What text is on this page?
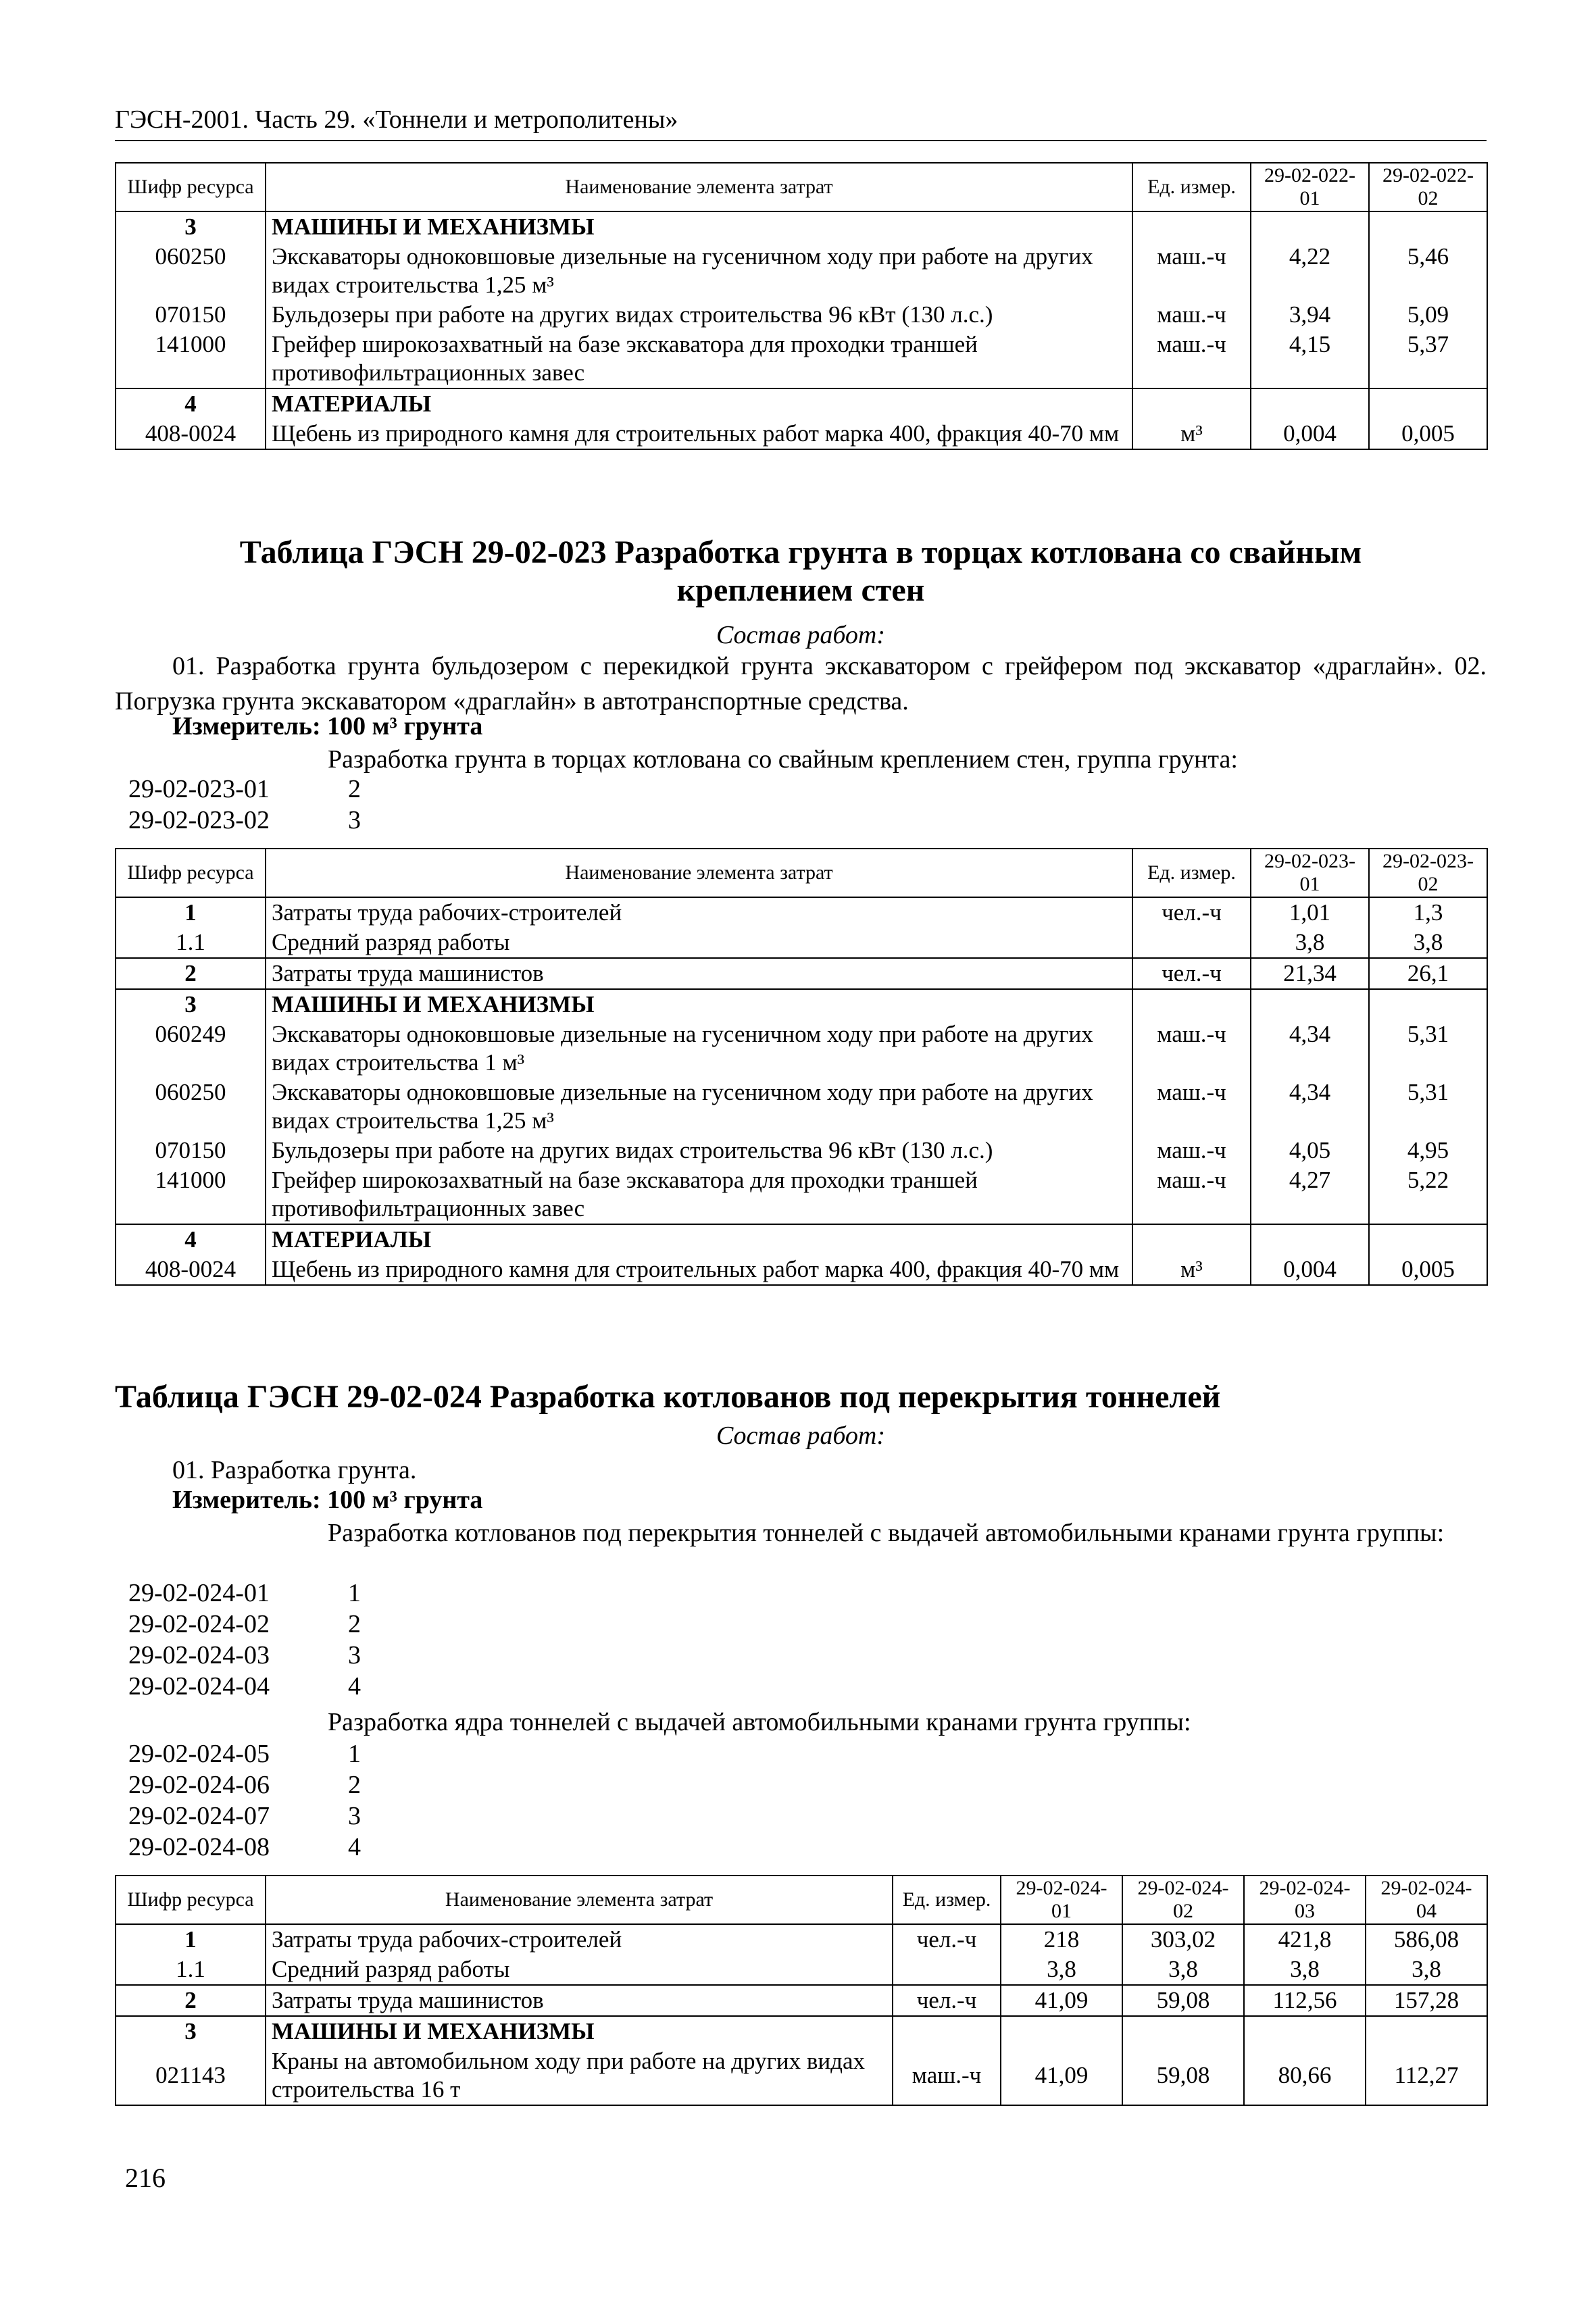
ГЭСН-2001. Часть 29. «Тоннели и метрополитены»
Шифр ресурса	Наименование элемента затрат	Ед. измер.	29-02-022-01	29-02-022-02
3	МАШИНЫ И МЕХАНИЗМЫ			
060250	Экскаваторы одноковшовые дизельные на гусеничном ходу при работе на других видах строительства 1,25 м³	маш.-ч	4,22	5,46
070150	Бульдозеры при работе на других видах строительства 96 кВт (130 л.с.)	маш.-ч	3,94	5,09
141000	Грейфер широкозахватный на базе экскаватора для проходки траншей противофильтрационных завес	маш.-ч	4,15	5,37
4	МАТЕРИАЛЫ			
408-0024	Щебень из природного камня для строительных работ марка 400, фракция 40-70 мм	м³	0,004	0,005
Таблица ГЭСН 29-02-023 Разработка грунта в торцах котлована со свайным
креплением стен
Состав работ:
01. Разработка грунта бульдозером с перекидкой грунта экскаватором с грейфером под экскаватор «драглайн». 02. Погрузка грунта экскаватором «драглайн» в автотранспортные средства.
Измеритель: 100 м³ грунта
Разработка грунта в торцах котлована со свайным креплением стен, группа грунта:
29-02-023-01	2
29-02-023-02	3
Шифр ресурса	Наименование элемента затрат	Ед. измер.	29-02-023-01	29-02-023-02
1	Затраты труда рабочих-строителей	чел.-ч	1,01	1,3
1.1	Средний разряд работы		3,8	3,8
2	Затраты труда машинистов	чел.-ч	21,34	26,1
3	МАШИНЫ И МЕХАНИЗМЫ			
060249	Экскаваторы одноковшовые дизельные на гусеничном ходу при работе на других видах строительства 1 м³	маш.-ч	4,34	5,31
060250	Экскаваторы одноковшовые дизельные на гусеничном ходу при работе на других видах строительства 1,25 м³	маш.-ч	4,34	5,31
070150	Бульдозеры при работе на других видах строительства 96 кВт (130 л.с.)	маш.-ч	4,05	4,95
141000	Грейфер широкозахватный на базе экскаватора для проходки траншей противофильтрационных завес	маш.-ч	4,27	5,22
4	МАТЕРИАЛЫ			
408-0024	Щебень из природного камня для строительных работ марка 400, фракция 40-70 мм	м³	0,004	0,005
Таблица ГЭСН 29-02-024 Разработка котлованов под перекрытия тоннелей
Состав работ:
01. Разработка грунта.
Измеритель: 100 м³ грунта
Разработка котлованов под перекрытия тоннелей с выдачей автомобильными кранами грунта группы:
29-02-024-01	1
29-02-024-02	2
29-02-024-03	3
29-02-024-04	4
Разработка ядра тоннелей с выдачей автомобильными кранами грунта группы:
29-02-024-05	1
29-02-024-06	2
29-02-024-07	3
29-02-024-08	4
Шифр ресурса	Наименование элемента затрат	Ед. измер.	29-02-024-01	29-02-024-02	29-02-024-03	29-02-024-04
1	Затраты труда рабочих-строителей	чел.-ч	218	303,02	421,8	586,08
1.1	Средний разряд работы		3,8	3,8	3,8	3,8
2	Затраты труда машинистов	чел.-ч	41,09	59,08	112,56	157,28
3	МАШИНЫ И МЕХАНИЗМЫ					
021143	Краны на автомобильном ходу при работе на других видах строительства 16 т	маш.-ч	41,09	59,08	80,66	112,27
216
